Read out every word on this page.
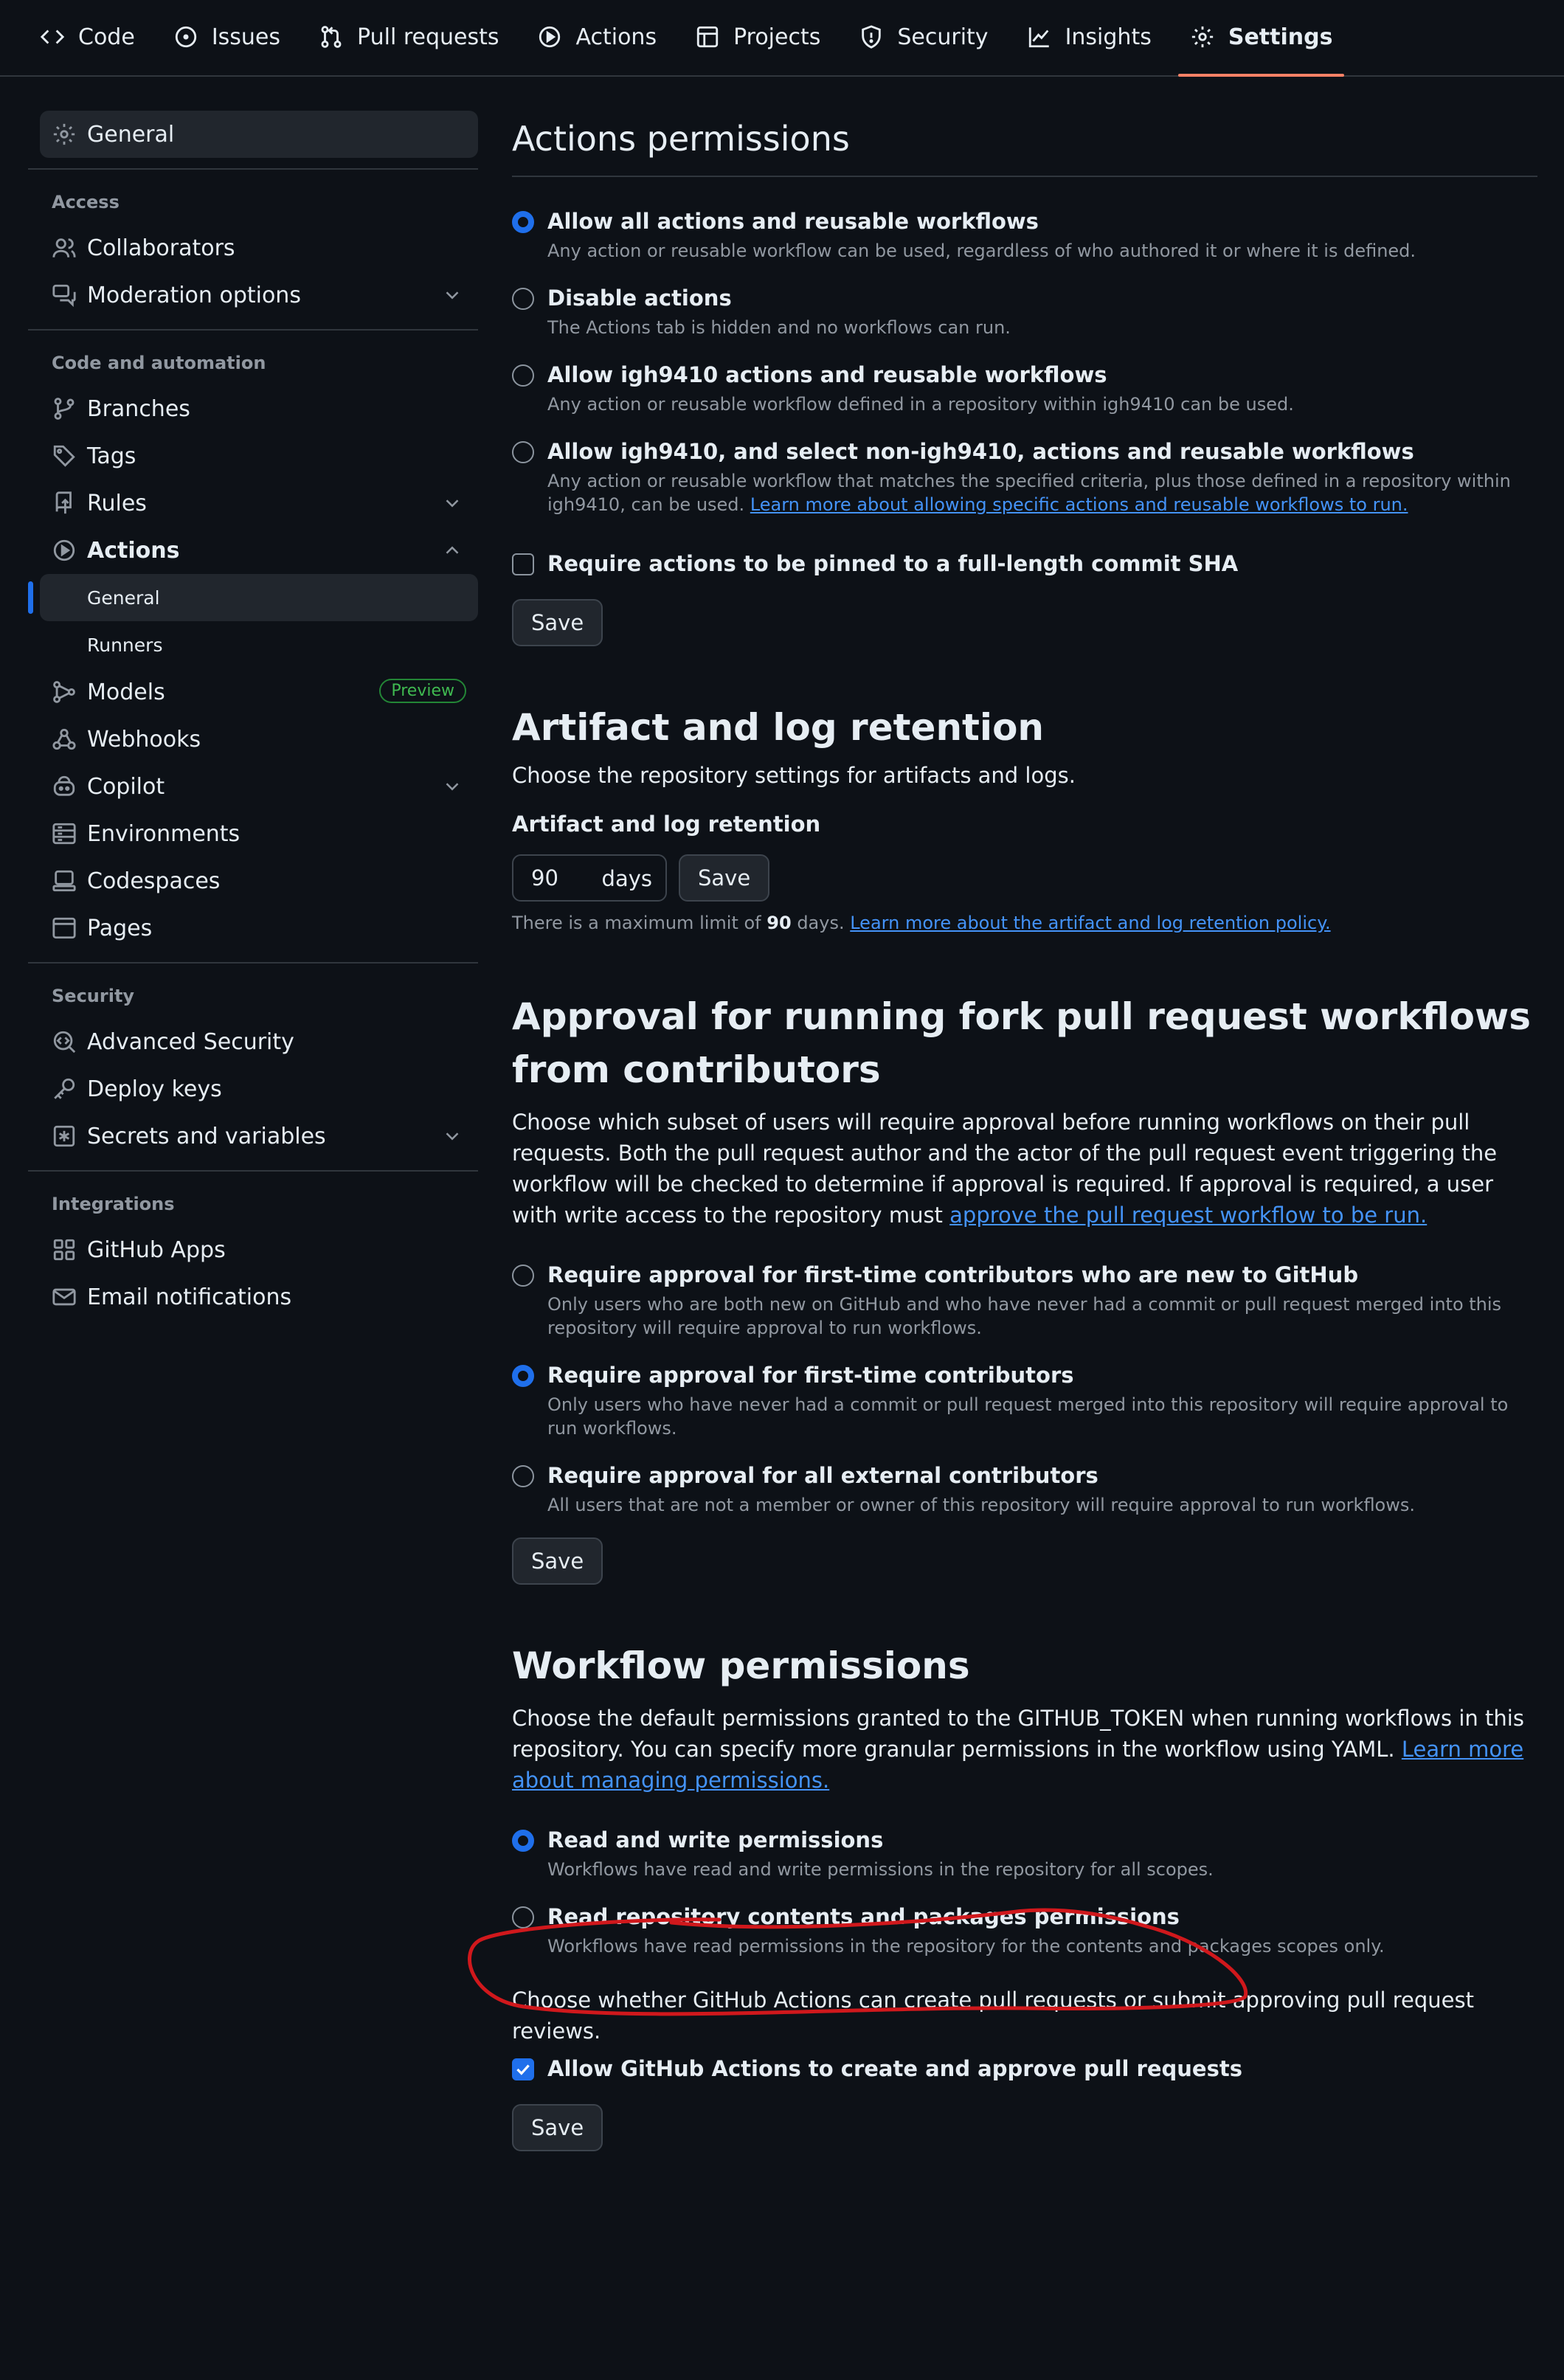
Code	Issues	Pull requests	Actions	Projects	Security	Insights	Settings
General
Access
Collaborators
Moderation options
Code and automation
Branches
Tags
Rules
Actions
General
Runners
Models	Preview
Webhooks
Copilot
Environments
Codespaces
Pages
Security
Advanced Security
Deploy keys
Secrets and variables
Integrations
GitHub Apps
Email notifications
Actions permissions
Allow all actions and reusable workflows
Any action or reusable workflow can be used, regardless of who authored it or where it is defined.
Disable actions
The Actions tab is hidden and no workflows can run.
Allow igh9410 actions and reusable workflows
Any action or reusable workflow defined in a repository within igh9410 can be used.
Allow igh9410, and select non-igh9410, actions and reusable workflows
Any action or reusable workflow that matches the specified criteria, plus those defined in a repository within igh9410, can be used. Learn more about allowing specific actions and reusable workflows to run.
Require actions to be pinned to a full-length commit SHA
Save
Artifact and log retention
Choose the repository settings for artifacts and logs.
Artifact and log retention
90 days	Save
There is a maximum limit of 90 days. Learn more about the artifact and log retention policy.
Approval for running fork pull request workflows from contributors
Choose which subset of users will require approval before running workflows on their pull requests. Both the pull request author and the actor of the pull request event triggering the workflow will be checked to determine if approval is required. If approval is required, a user with write access to the repository must approve the pull request workflow to be run.
Require approval for first-time contributors who are new to GitHub
Only users who are both new on GitHub and who have never had a commit or pull request merged into this repository will require approval to run workflows.
Require approval for first-time contributors
Only users who have never had a commit or pull request merged into this repository will require approval to run workflows.
Require approval for all external contributors
All users that are not a member or owner of this repository will require approval to run workflows.
Save
Workflow permissions
Choose the default permissions granted to the GITHUB_TOKEN when running workflows in this repository. You can specify more granular permissions in the workflow using YAML. Learn more about managing permissions.
Read and write permissions
Workflows have read and write permissions in the repository for all scopes.
Read repository contents and packages permissions
Workflows have read permissions in the repository for the contents and packages scopes only.
Choose whether GitHub Actions can create pull requests or submit approving pull request reviews.
Allow GitHub Actions to create and approve pull requests
Save
